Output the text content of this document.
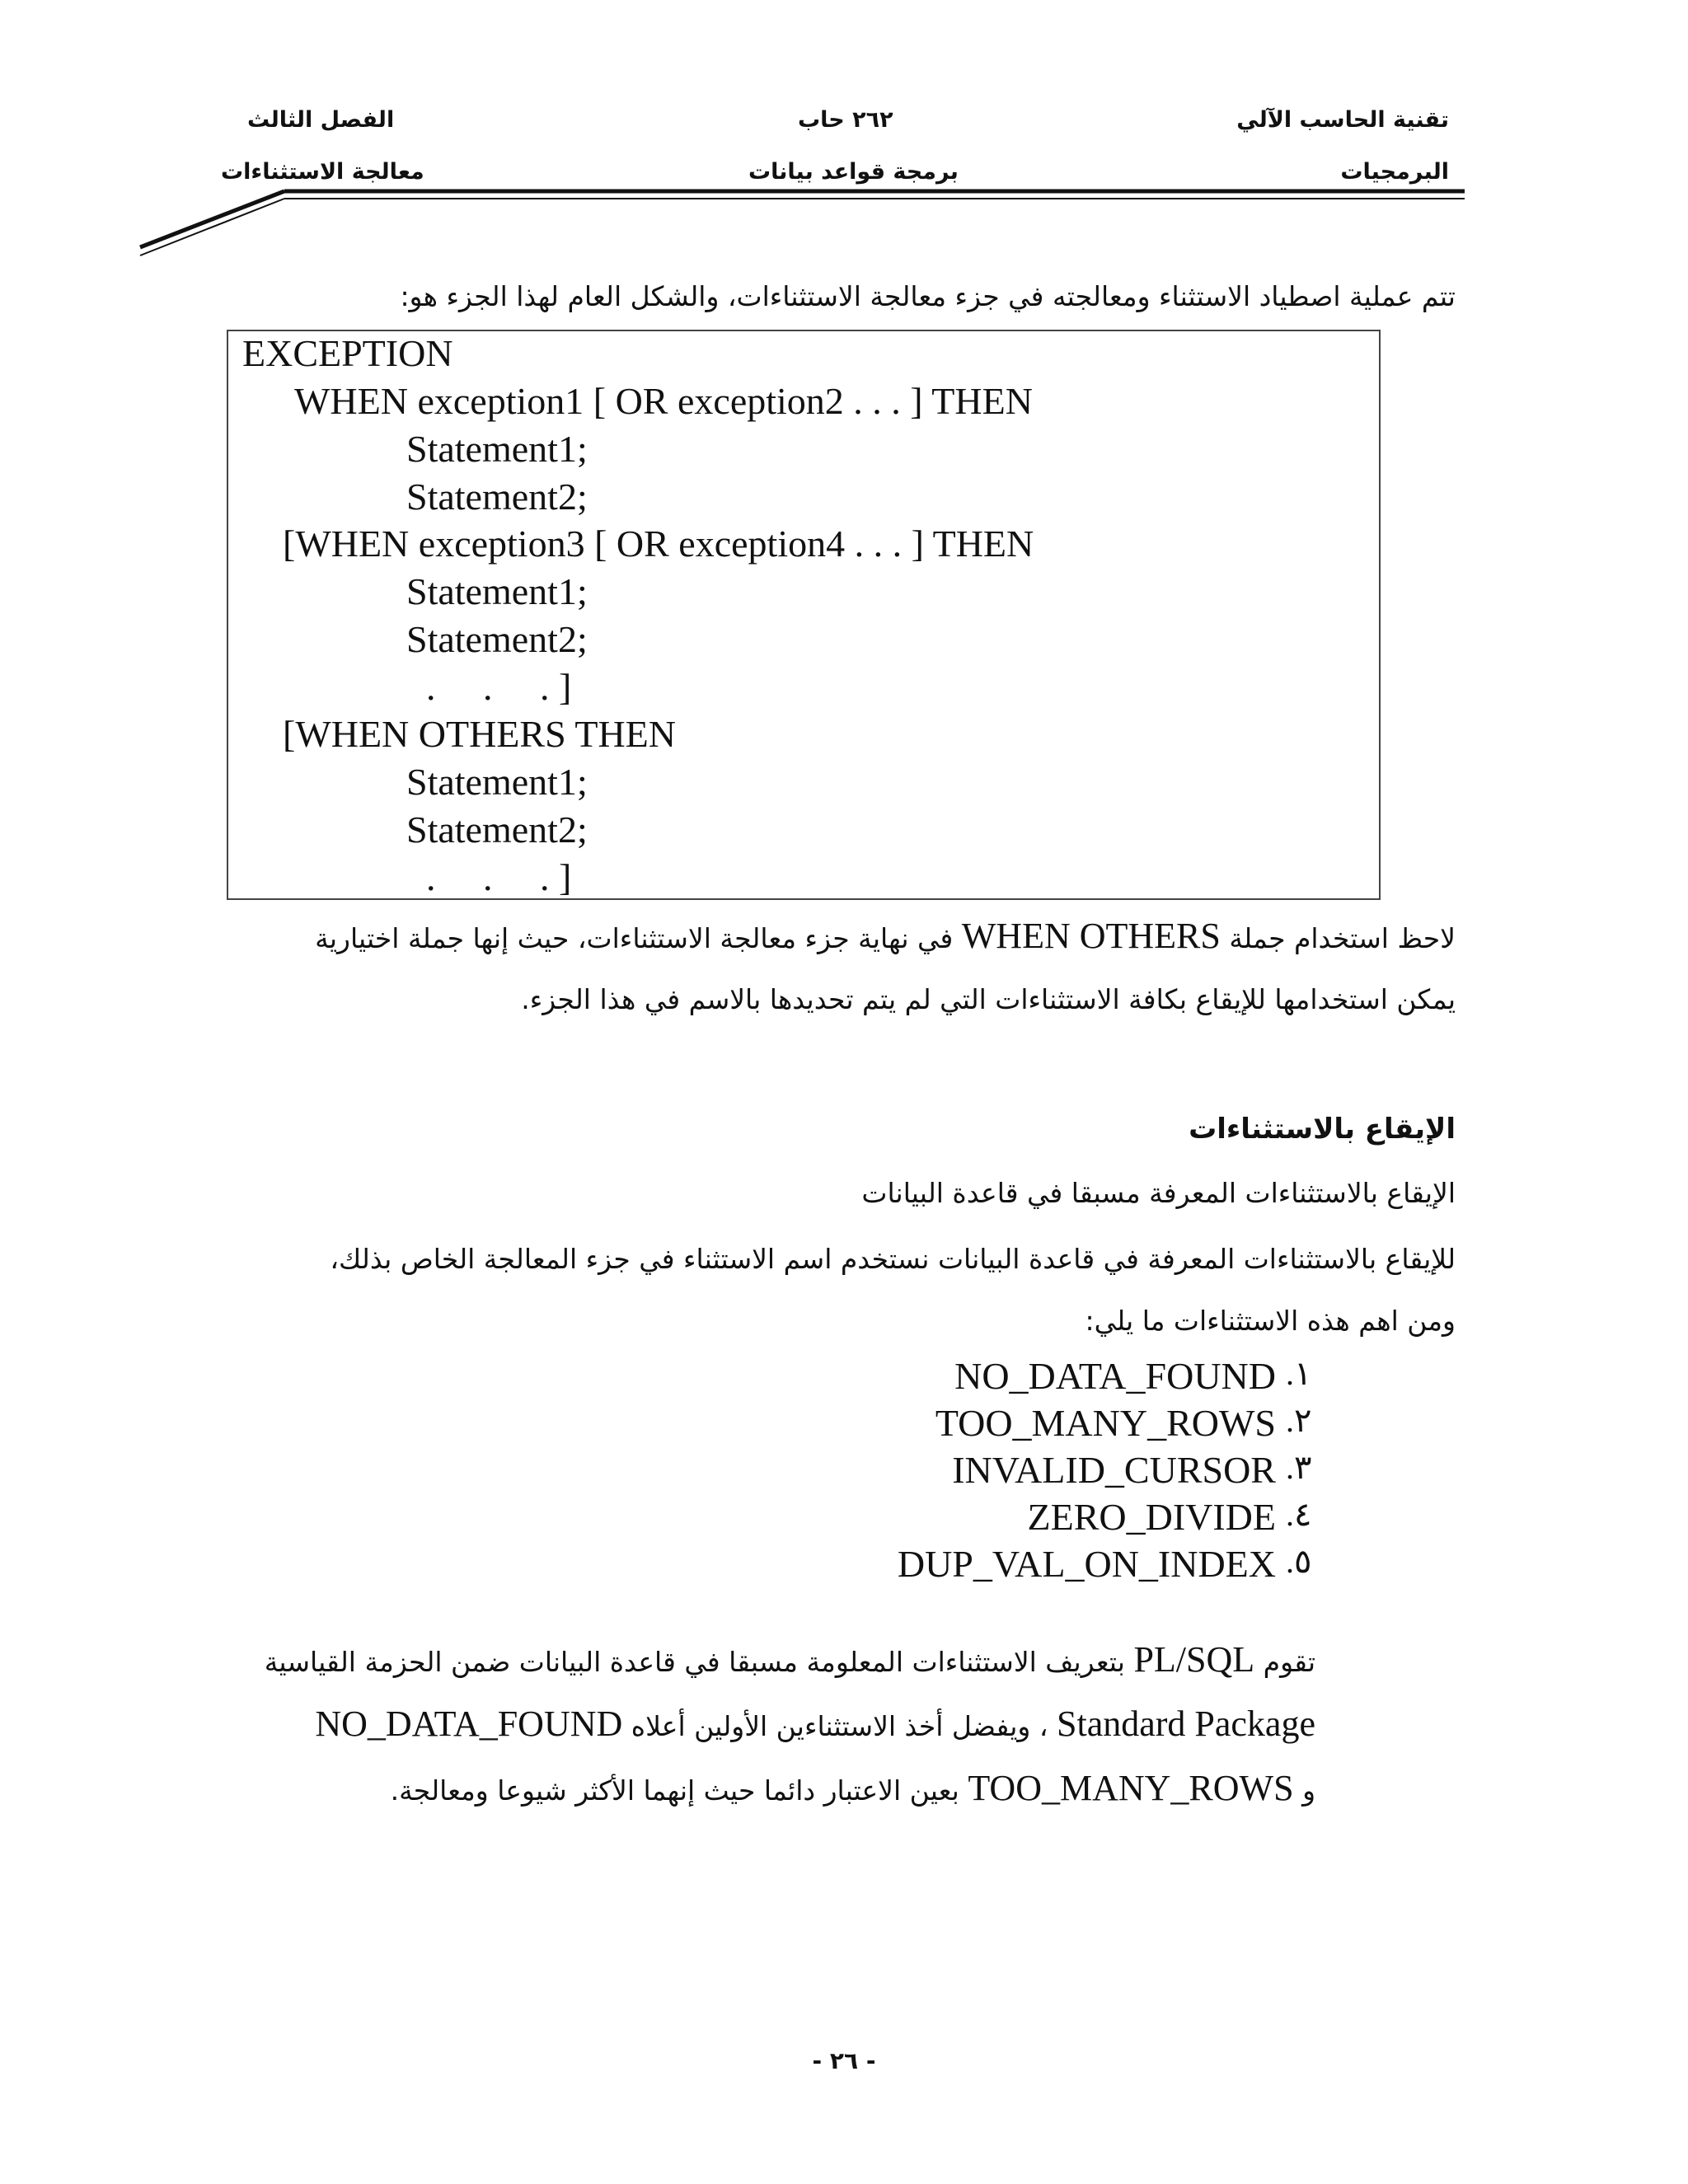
تقنية الحاسب الآلي
البرمجيات
٢٦٢ حاب
برمجة قواعد بيانات
الفصل الثالث
معالجة الاستثناءات
تتم عملية اصطياد الاستثناء ومعالجته في جزء معالجة الاستثناءات، والشكل العام لهذا الجزء هو:
EXCEPTION
WHEN exception1 [ OR exception2 . . . ] THEN
Statement1;
Statement2;
[WHEN exception3 [ OR exception4 . . . ] THEN
Statement1;
Statement2;
.     .     . ]
[WHEN OTHERS THEN
Statement1;
Statement2;
.     .     . ]
لاحظ استخدام جملة WHEN OTHERS في نهاية جزء معالجة الاستثناءات، حيث إنها جملة اختيارية
يمكن استخدامها للإيقاع بكافة الاستثناءات التي لم يتم تحديدها بالاسم في هذا الجزء.
الإيقاع بالاستثناءات
الإيقاع بالاستثناءات المعرفة مسبقا في قاعدة البيانات
للإيقاع بالاستثناءات المعرفة في قاعدة البيانات نستخدم اسم الاستثناء في جزء المعالجة الخاص بذلك،
ومن اهم هذه الاستثناءات ما يلي:
NO_DATA_FOUND ١.
TOO_MANY_ROWS ٢.
INVALID_CURSOR ٣.
ZERO_DIVIDE ٤.
DUP_VAL_ON_INDEX ٥.
تقوم PL/SQL بتعريف الاستثناءات المعلومة مسبقا في قاعدة البيانات ضمن الحزمة القياسية
Standard Package ، ويفضل أخذ الاستثناءين الأولين أعلاه NO_DATA_FOUND
و TOO_MANY_ROWS بعين الاعتبار دائما حيث إنهما الأكثر شيوعا ومعالجة.
- ٢٦ -
